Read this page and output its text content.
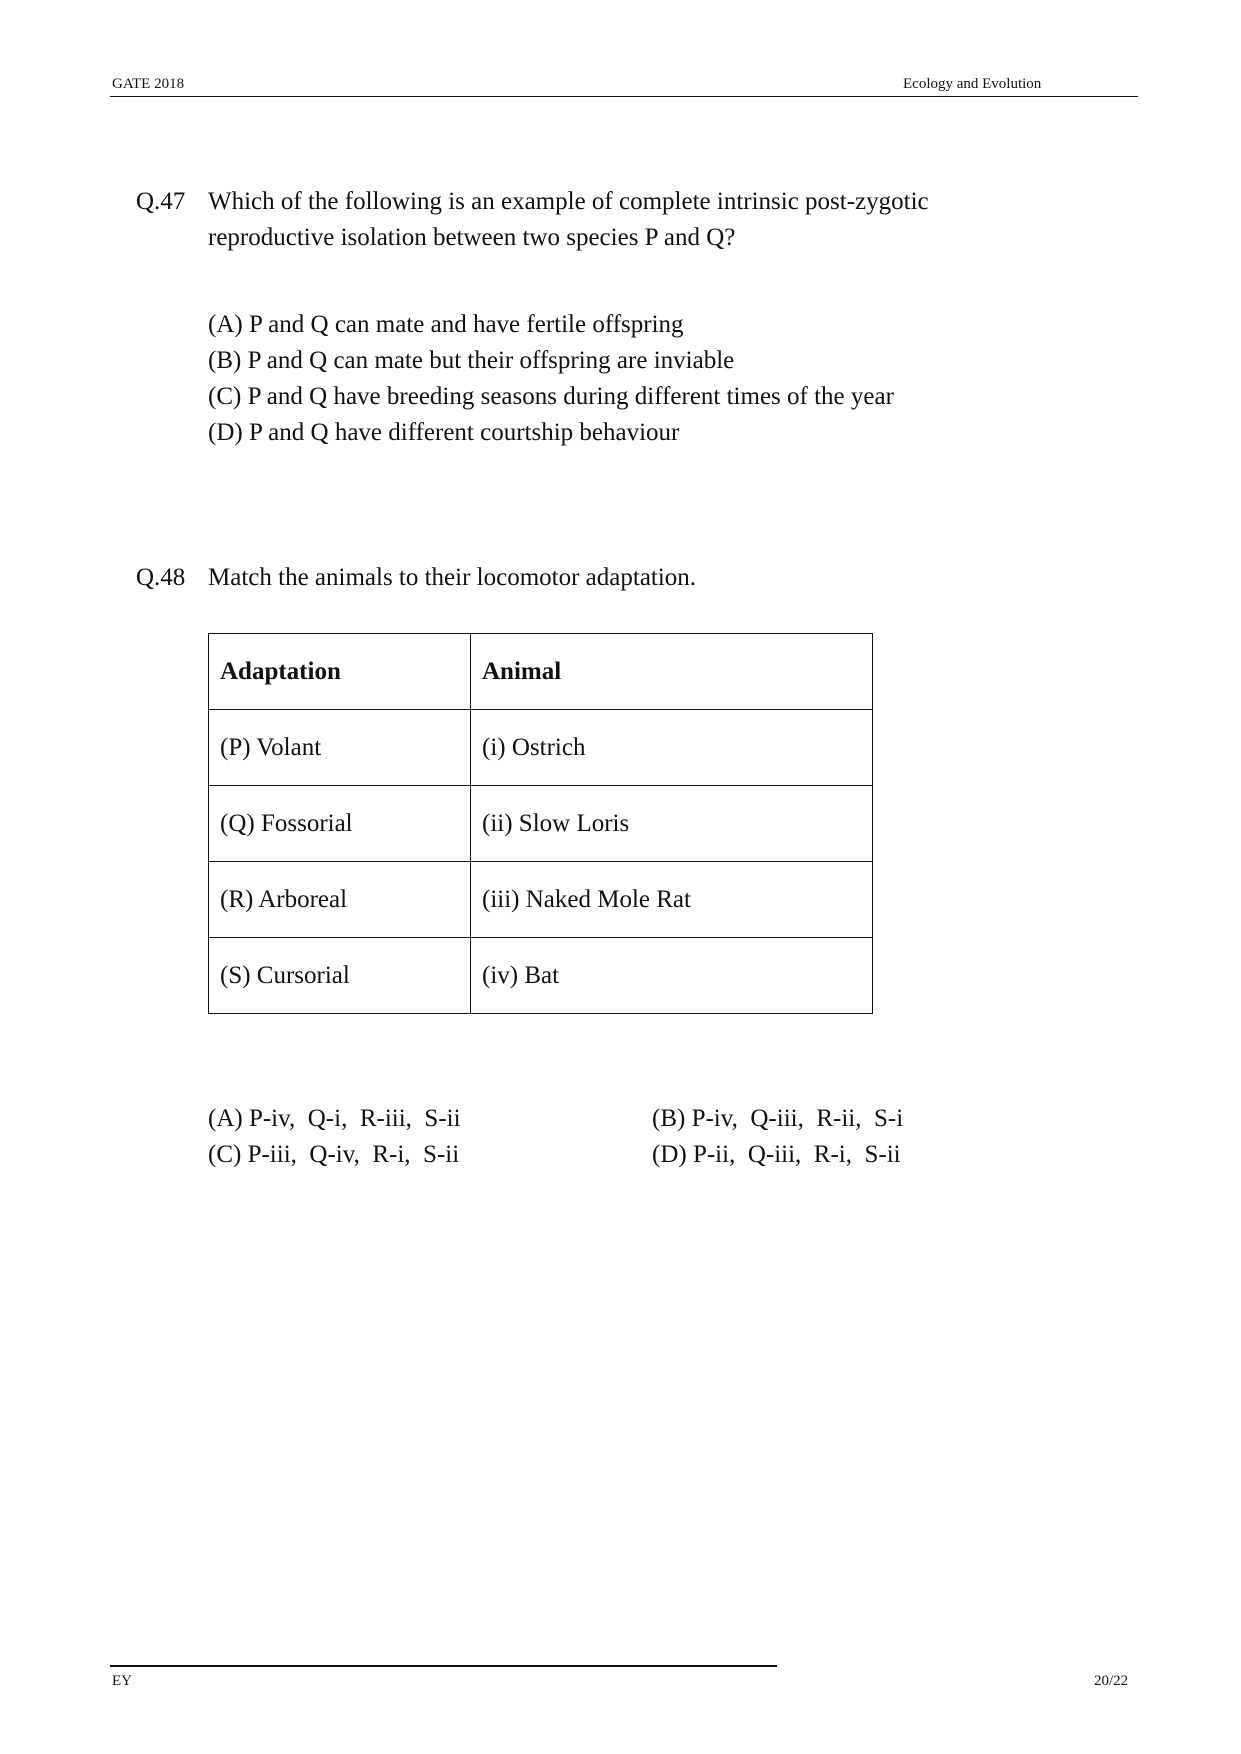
GATE 2018	Ecology and Evolution
Q.47 Which of the following is an example of complete intrinsic post-zygotic
reproductive isolation between two species P and Q?
(A) P and Q can mate and have fertile offspring
(B) P and Q can mate but their offspring are inviable
(C) P and Q have breeding seasons during different times of the year
(D) P and Q have different courtship behaviour
Q.48 Match the animals to their locomotor adaptation.
Adaptation	Animal
(P) Volant	(i) Ostrich
(Q) Fossorial	(ii) Slow Loris
(R) Arboreal	(iii) Naked Mole Rat
(S) Cursorial	(iv) Bat
(A) P-iv,  Q-i,  R-iii,  S-ii	(B) P-iv,  Q-iii,  R-ii,  S-i
(C) P-iii,  Q-iv,  R-i,  S-ii	(D) P-ii,  Q-iii,  R-i,  S-ii
EY	20/22
